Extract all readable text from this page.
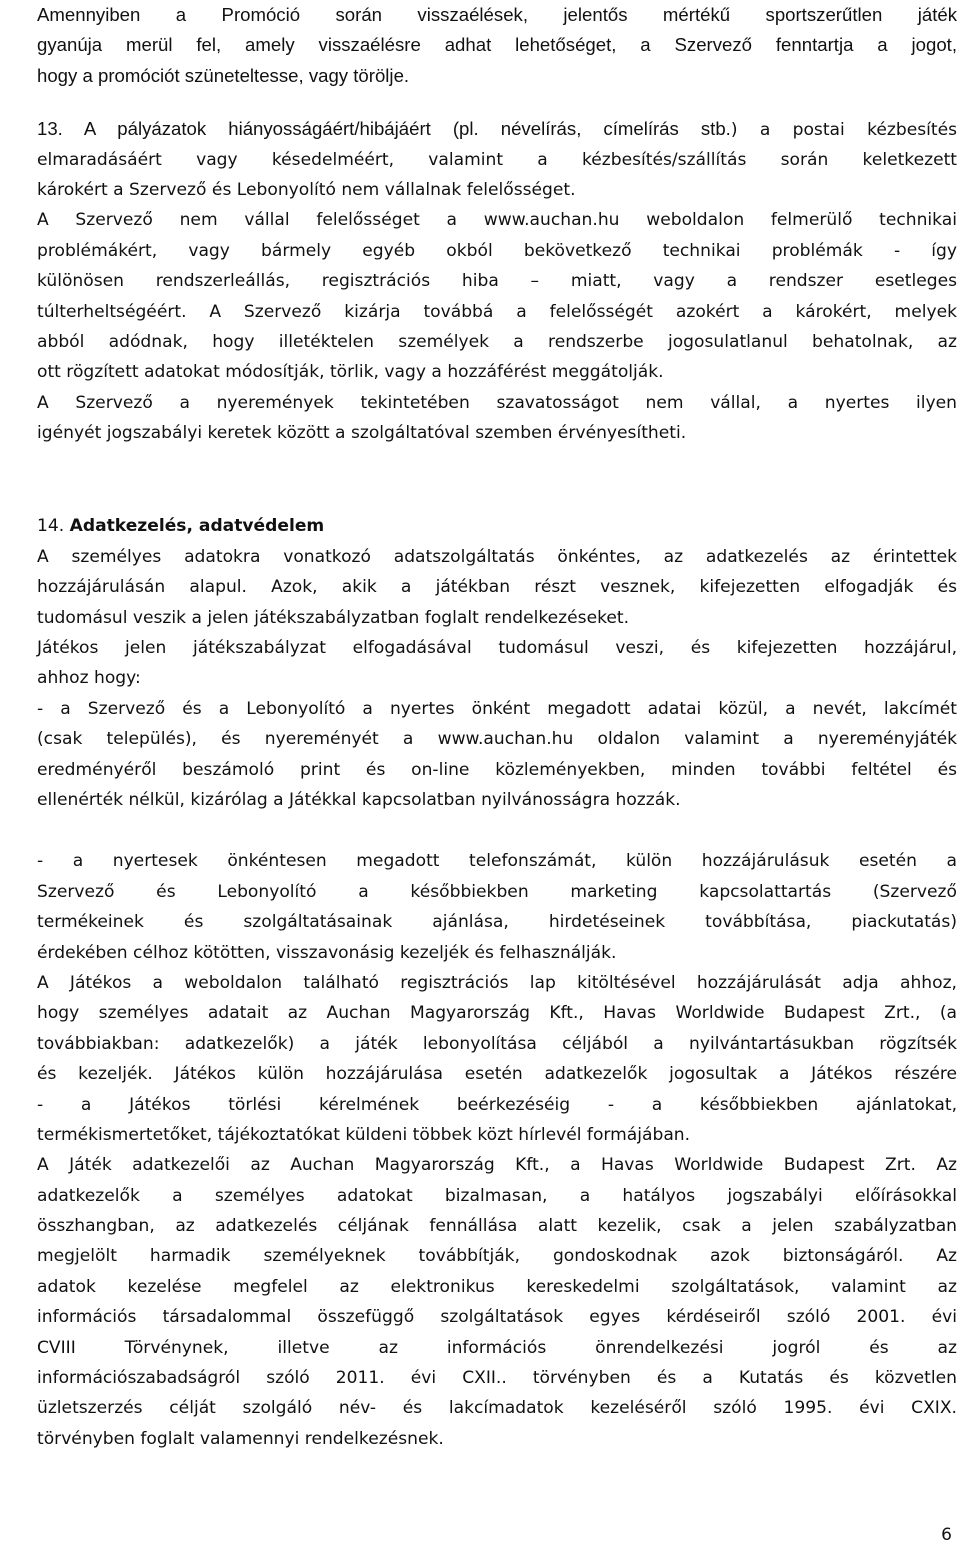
Amennyiben a Promóció során visszaélések, jelentős mértékű sportszerűtlen játék
gyanúja merül fel, amely visszaélésre adhat lehetőséget, a Szervező fenntartja a jogot,
hogy a promóciót szüneteltesse, vagy törölje.
13. A pályázatok hiányosságáért/hibájáért (pl. névelírás, címelírás stb.) a postai kézbesítés
elmaradásáért vagy késedelméért, valamint a kézbesítés/szállítás során keletkezett
károkért a Szervező és Lebonyolító nem vállalnak felelősséget.
A Szervező nem vállal felelősséget a www.auchan.hu weboldalon felmerülő technikai
problémákért, vagy bármely egyéb okból bekövetkező technikai problémák - így
különösen rendszerleállás, regisztrációs hiba – miatt, vagy a rendszer esetleges
túlterheltségéért. A Szervező kizárja továbbá a felelősségét azokért a károkért, melyek
abból adódnak, hogy illetéktelen személyek a rendszerbe jogosulatlanul behatolnak, az
ott rögzített adatokat módosítják, törlik, vagy a hozzáférést meggátolják.
A Szervező a nyeremények tekintetében szavatosságot nem vállal, a nyertes ilyen
igényét jogszabályi keretek között a szolgáltatóval szemben érvényesítheti.
14. Adatkezelés, adatvédelem
A személyes adatokra vonatkozó adatszolgáltatás önkéntes, az adatkezelés az érintettek
hozzájárulásán alapul. Azok, akik a játékban részt vesznek, kifejezetten elfogadják és
tudomásul veszik a jelen játékszabályzatban foglalt rendelkezéseket.
Játékos jelen játékszabályzat elfogadásával tudomásul veszi, és kifejezetten hozzájárul,
ahhoz hogy:
- a Szervező és a Lebonyolító a nyertes önként megadott adatai közül, a nevét, lakcímét
(csak település), és nyereményét a www.auchan.hu oldalon valamint a nyereményjáték
eredményéről beszámoló print és on-line közleményekben, minden további feltétel és
ellenérték nélkül, kizárólag a Játékkal kapcsolatban nyilvánosságra hozzák.
- a nyertesek önkéntesen megadott telefonszámát, külön hozzájárulásuk esetén a
Szervező és Lebonyolító a későbbiekben marketing kapcsolattartás (Szervező
termékeinek és szolgáltatásainak ajánlása, hirdetéseinek továbbítása, piackutatás)
érdekében célhoz kötötten, visszavonásig kezeljék és felhasználják.
A Játékos a weboldalon található regisztrációs lap kitöltésével hozzájárulását adja ahhoz,
hogy személyes adatait az Auchan Magyarország Kft., Havas Worldwide Budapest Zrt., (a
továbbiakban: adatkezelők) a játék lebonyolítása céljából a nyilvántartásukban rögzítsék
és kezeljék. Játékos külön hozzájárulása esetén adatkezelők jogosultak a Játékos részére
- a Játékos törlési kérelmének beérkezéséig - a későbbiekben ajánlatokat,
termékismertetőket, tájékoztatókat küldeni többek közt hírlevél formájában.
A Játék adatkezelői az Auchan Magyarország Kft., a Havas Worldwide Budapest Zrt. Az
adatkezelők a személyes adatokat bizalmasan, a hatályos jogszabályi előírásokkal
összhangban, az adatkezelés céljának fennállása alatt kezelik, csak a jelen szabályzatban
megjelölt harmadik személyeknek továbbítják, gondoskodnak azok biztonságáról. Az
adatok kezelése megfelel az elektronikus kereskedelmi szolgáltatások, valamint az
információs társadalommal összefüggő szolgáltatások egyes kérdéseiről szóló 2001. évi
CVIII Törvénynek, illetve az információs önrendelkezési jogról és az
információszabadságról szóló 2011. évi CXII.. törvényben és a Kutatás és közvetlen
üzletszerzés célját szolgáló név- és lakcímadatok kezeléséről szóló 1995. évi CXIX.
törvényben foglalt valamennyi rendelkezésnek.
6
